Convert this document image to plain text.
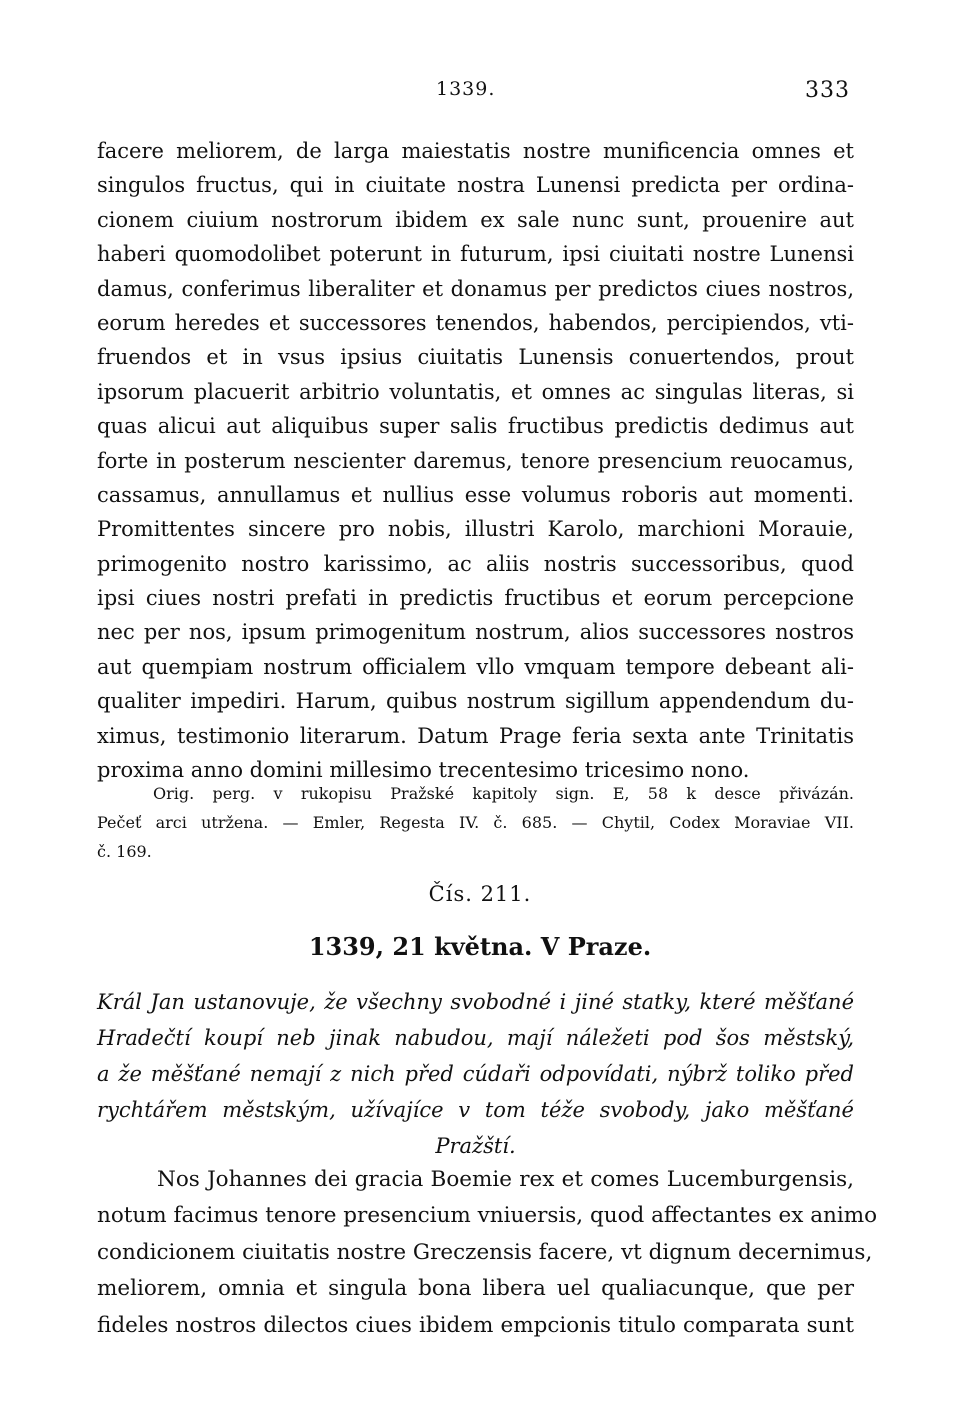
1339.	333
facere meliorem, de larga maiestatis nostre munificencia omnes et
singulos fructus, qui in ciuitate nostra Lunensi predicta per ordina-
cionem ciuium nostrorum ibidem ex sale nunc sunt, prouenire aut
haberi quomodolibet poterunt in futurum, ipsi ciuitati nostre Lunensi
damus, conferimus liberaliter et donamus per predictos ciues nostros,
eorum heredes et successores tenendos, habendos, percipiendos, vti-
fruendos et in vsus ipsius ciuitatis Lunensis conuertendos, prout
ipsorum placuerit arbitrio voluntatis, et omnes ac singulas literas, si
quas alicui aut aliquibus super salis fructibus predictis dedimus aut
forte in posterum nescienter daremus, tenore presencium reuocamus,
cassamus, annullamus et nullius esse volumus roboris aut momenti.
Promittentes sincere pro nobis, illustri Karolo, marchioni Morauie,
primogenito nostro karissimo, ac aliis nostris successoribus, quod
ipsi ciues nostri prefati in predictis fructibus et eorum percepcione
nec per nos, ipsum primogenitum nostrum, alios successores nostros
aut quempiam nostrum officialem vllo vmquam tempore debeant ali-
qualiter impediri. Harum, quibus nostrum sigillum appendendum du-
ximus, testimonio literarum. Datum Prage feria sexta ante Trinitatis
proxima anno domini millesimo trecentesimo tricesimo nono.
Orig. perg. v rukopisu Pražské kapitoly sign. E, 58 k desce přivázán.
Pečeť arci utržena. — Emler, Regesta IV. č. 685. — Chytil, Codex Moraviae VII.
č. 169.
Čís. 211.
1339, 21 května. V Praze.
Král Jan ustanovuje, že všechny svobodné i jiné statky, které měšťané
Hradečtí koupí neb jinak nabudou, mají náležeti pod šos městský,
a že měšťané nemají z nich před cúdaři odpovídati, nýbrž toliko před
rychtářem městským, užívajíce v tom téže svobody, jako měšťané
Pražští.
Nos Johannes dei gracia Boemie rex et comes Lucemburgensis,
notum facimus tenore presencium vniuersis, quod affectantes ex animo
condicionem ciuitatis nostre Greczensis facere, vt dignum decernimus,
meliorem, omnia et singula bona libera uel qualiacunque, que per
fideles nostros dilectos ciues ibidem empcionis titulo comparata sunt
